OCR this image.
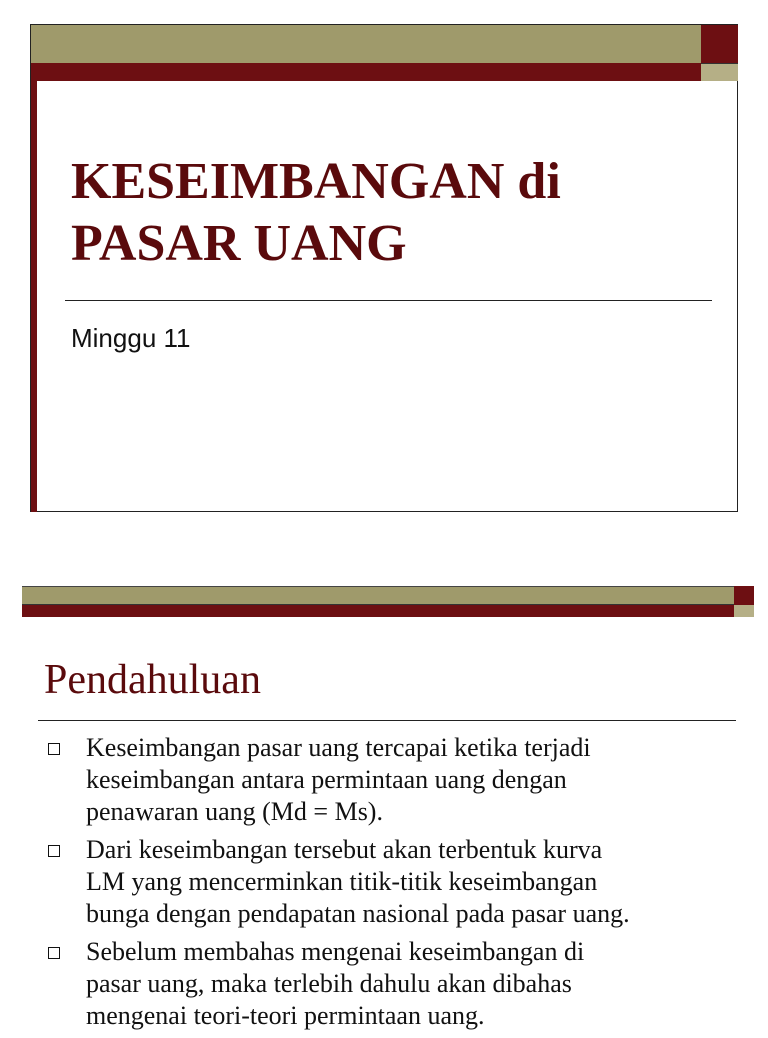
KESEIMBANGAN di
PASAR UANG
Minggu 11
Pendahuluan
Keseimbangan pasar uang tercapai ketika terjadi
keseimbangan antara permintaan uang dengan
penawaran uang (Md = Ms).
Dari keseimbangan tersebut akan terbentuk kurva
LM yang mencerminkan titik-titik keseimbangan
bunga dengan pendapatan nasional pada pasar uang.
Sebelum membahas mengenai keseimbangan di
pasar uang, maka terlebih dahulu akan dibahas
mengenai teori-teori permintaan uang.
